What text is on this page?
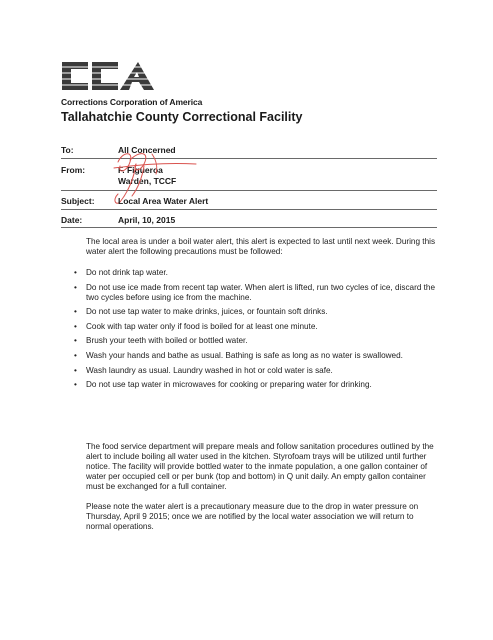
Corrections Corporation of America
Tallahatchie County Correctional Facility
To:	All Concerned
From:	F. Figueroa
Warden, TCCF
Subject:	Local Area Water Alert
Date:	April, 10, 2015

The local area is under a boil water alert, this alert is expected to last until next week. During this water alert the following precautions must be followed:

• Do not drink tap water.
• Do not use ice made from recent tap water. When alert is lifted, run two cycles of ice, discard the two cycles before using ice from the machine.
• Do not use tap water to make drinks, juices, or fountain soft drinks.
• Cook with tap water only if food is boiled for at least one minute.
• Brush your teeth with boiled or bottled water.
• Wash your hands and bathe as usual. Bathing is safe as long as no water is swallowed.
• Wash laundry as usual. Laundry washed in hot or cold water is safe.
• Do not use tap water in microwaves for cooking or preparing water for drinking.

The food service department will prepare meals and follow sanitation procedures outlined by the alert to include boiling all water used in the kitchen. Styrofoam trays will be utilized until further notice. The facility will provide bottled water to the inmate population, a one gallon container of water per occupied cell or per bunk (top and bottom) in Q unit daily. An empty gallon container must be exchanged for a full container.

Please note the water alert is a precautionary measure due to the drop in water pressure on Thursday, April 9 2015; once we are notified by the local water association we will return to normal operations.
